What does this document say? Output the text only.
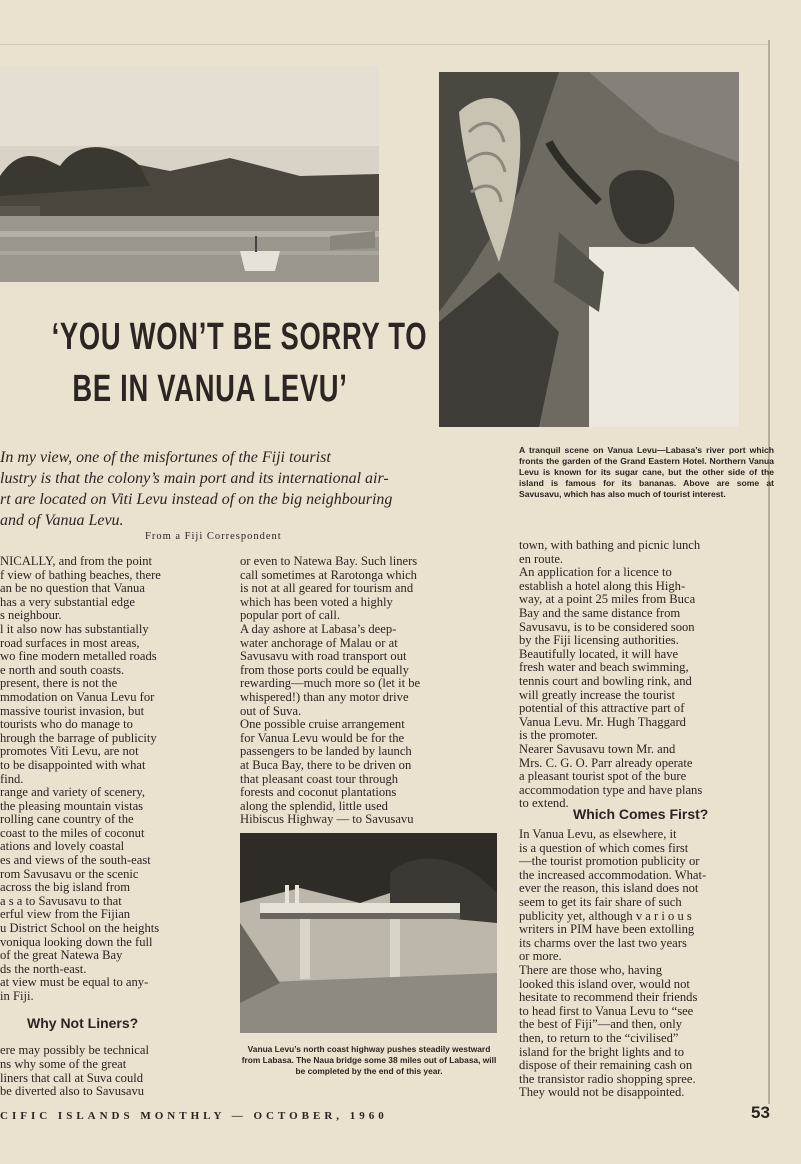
‘YOU WON’T BE SORRY TO
BE IN VANUA LEVU’
A tranquil scene on Vanua Levu—Labasa’s river port which fronts the garden of the Grand Eastern Hotel. Northern Vanua Levu is known for its sugar cane, but the other side of the island is famous for its bananas. Above are some at Savusavu, which has also much of tourist interest.
In my view, one of the misfortunes of the Fiji tourist
lustry is that the colony’s main port and its international air-
rt are located on Viti Levu instead of on the big neighbouring
and of Vanua Levu.
From a Fiji Correspondent
NICALLY, and from the point
f view of bathing beaches, there
an be no question that Vanua
has a very substantial edge
s neighbour.
l it also now has substantially
road surfaces in most areas,
wo fine modern metalled roads
e north and south coasts.
present, there is not the
mmodation on Vanua Levu for
massive tourist invasion, but
tourists who do manage to
hrough the barrage of publicity
promotes Viti Levu, are not
to be disappointed with what
find.
range and variety of scenery,
the pleasing mountain vistas
rolling cane country of the
coast to the miles of coconut
ations and lovely coastal
es and views of the south-east
rom Savusavu or the scenic
across the big island from
a s a to Savusavu to that
erful view from the Fijian
u District School on the heights
voniqua looking down the full
of the great Natewa Bay
ds the north-east.
at view must be equal to any-
in Fiji.

ere may possibly be technical
ns why some of the great
liners that call at Suva could
be diverted also to Savusavu
or even to Natewa Bay. Such liners
call sometimes at Rarotonga which
is not at all geared for tourism and
which has been voted a highly
popular port of call.
A day ashore at Labasa’s deep-
water anchorage of Malau or at
Savusavu with road transport out
from those ports could be equally
rewarding—much more so (let it be
whispered!) than any motor drive
out of Suva.
One possible cruise arrangement
for Vanua Levu would be for the
passengers to be landed by launch
at Buca Bay, there to be driven on
that pleasant coast tour through
forests and coconut plantations
along the splendid, little used
Hibiscus Highway — to Savusavu
town, with bathing and picnic lunch
en route.
An application for a licence to
establish a hotel along this High-
way, at a point 25 miles from Buca
Bay and the same distance from
Savusavu, is to be considered soon
by the Fiji licensing authorities.
Beautifully located, it will have
fresh water and beach swimming,
tennis court and bowling rink, and
will greatly increase the tourist
potential of this attractive part of
Vanua Levu. Mr. Hugh Thaggard
is the promoter.
Nearer Savusavu town Mr. and
Mrs. C. G. O. Parr already operate
a pleasant tourist spot of the bure
accommodation type and have plans
to extend.
In Vanua Levu, as elsewhere, it
is a question of which comes first
—the tourist promotion publicity or
the increased accommodation. What-
ever the reason, this island does not
seem to get its fair share of such
publicity yet, although v a r i o u s
writers in PIM have been extolling
its charms over the last two years
or more.
There are those who, having
looked this island over, would not
hesitate to recommend their friends
to head first to Vanua Levu to “see
the best of Fiji”—and then, only
then, to return to the “civilised”
island for the bright lights and to
dispose of their remaining cash on
the transistor radio shopping spree.
They would not be disappointed.
Why Not Liners?
Which Comes First?
Vanua Levu’s north coast highway pushes steadily westward from Labasa. The Naua bridge some 38 miles out of Labasa, will be completed by the end of this year.
CIFIC ISLANDS MONTHLY — OCTOBER, 1960	53
